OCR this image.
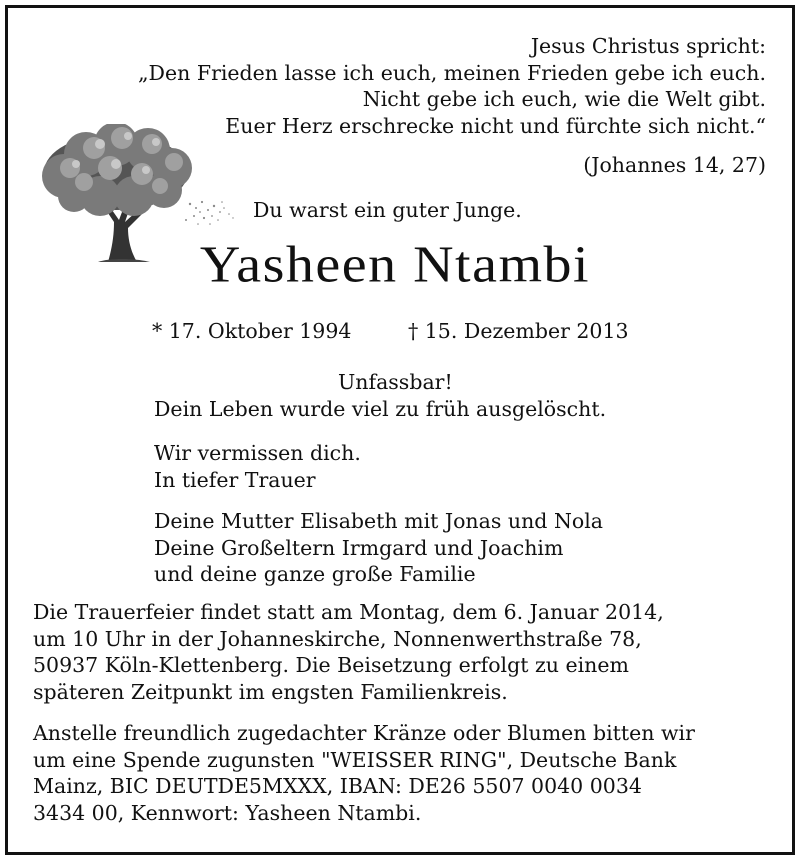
Jesus Christus spricht:
„Den Frieden lasse ich euch, meinen Frieden gebe ich euch.
Nicht gebe ich euch, wie die Welt gibt.
Euer Herz erschrecke nicht und fürchte sich nicht.“
(Johannes 14, 27)
Du warst ein guter Junge.
Yasheen Ntambi
* 17. Oktober 1994	† 15. Dezember 2013
Unfassbar!
Dein Leben wurde viel zu früh ausgelöscht.
Wir vermissen dich.
In tiefer Trauer
Deine Mutter Elisabeth mit Jonas und Nola
Deine Großeltern Irmgard und Joachim
und deine ganze große Familie
Die Trauerfeier findet statt am Montag, dem 6. Januar 2014,
um 10 Uhr in der Johanneskirche, Nonnenwerthstraße 78,
50937 Köln-Klettenberg. Die Beisetzung erfolgt zu einem
späteren Zeitpunkt im engsten Familienkreis.
Anstelle freundlich zugedachter Kränze oder Blumen bitten wir
um eine Spende zugunsten "WEISSER RING", Deutsche Bank
Mainz, BIC DEUTDE5MXXX, IBAN: DE26 5507 0040 0034
3434 00, Kennwort: Yasheen Ntambi.
